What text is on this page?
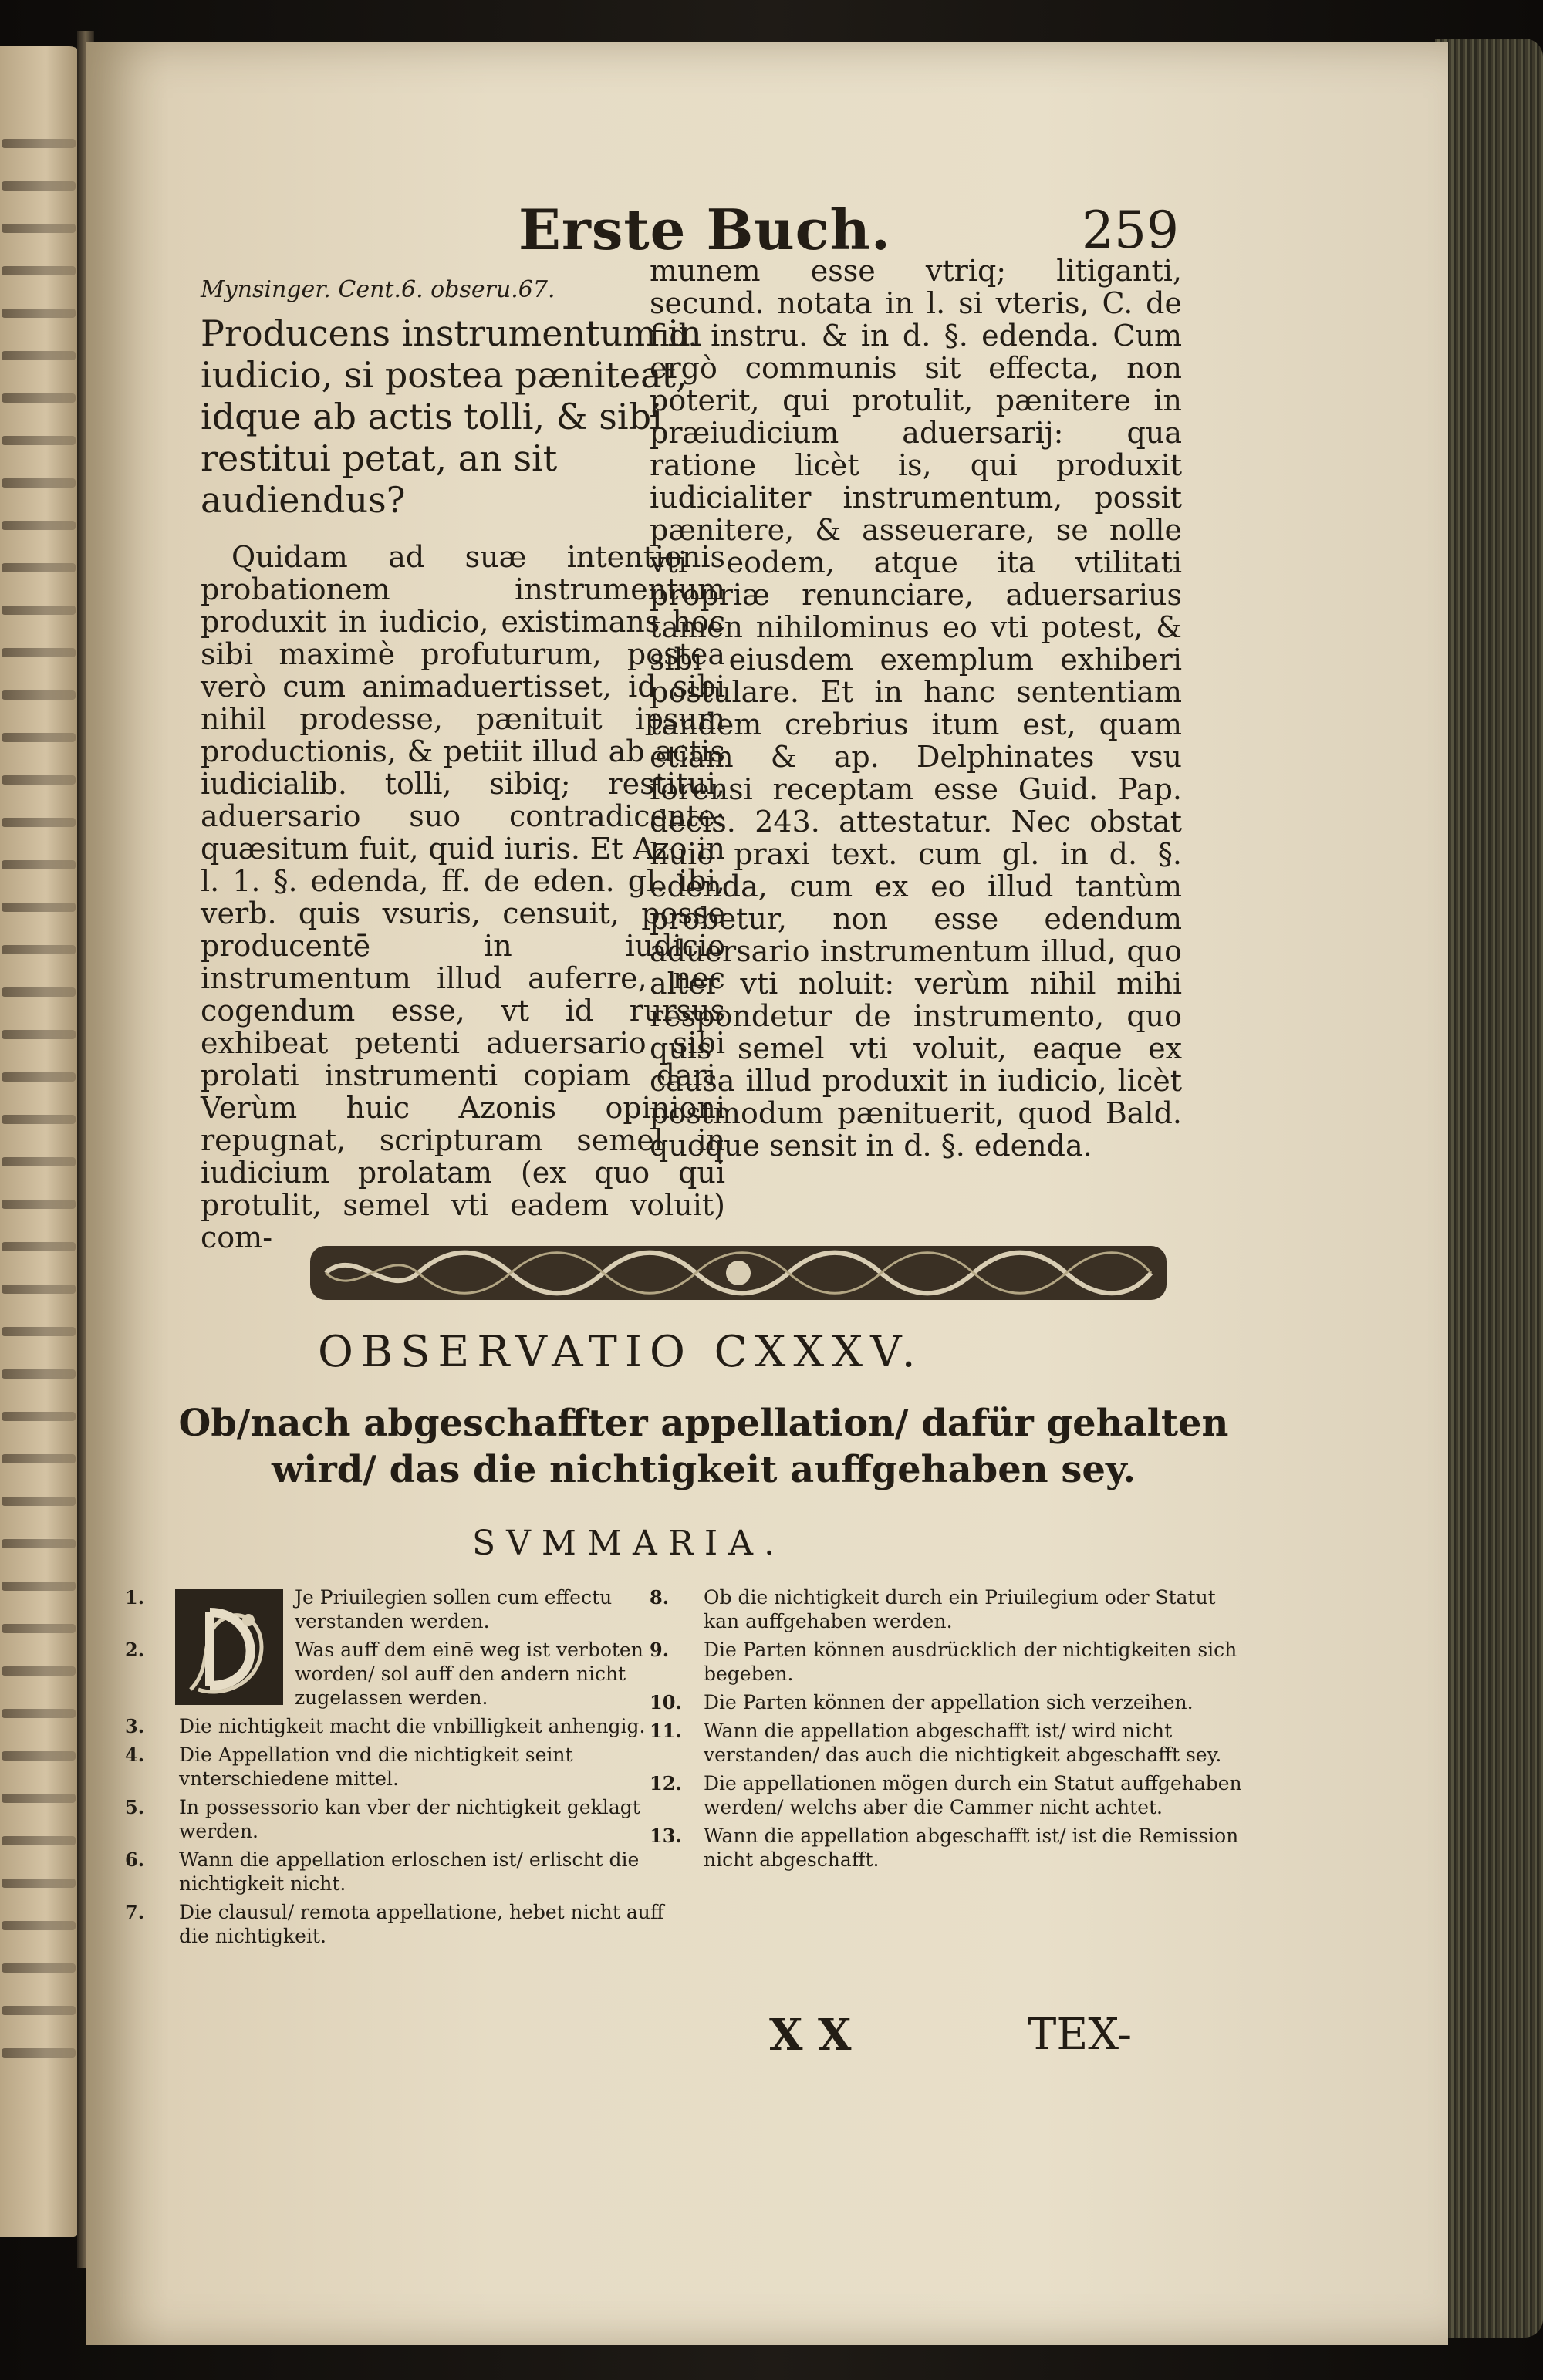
Erste Buch.	259

Mynsinger. Cent.6. obseru.67.

Producens instrumentum in iudicio, si postea pæniteat, idque ab actis tolli, & sibi restitui petat, an sit audiendus?

Quidam ad suæ intentionis probationem instrumentum produxit in iudicio, existimans hoc sibi maximè profuturum, postea verò cum animaduertisset, id sibi nihil prodesse, pænituit ipsum productionis, & petiit illud ab actis iudicialib. tolli, sibiq; restitui, aduersario suo contradicente: quæsitum fuit, quid iuris. Et Azo in l. 1. §. edenda, ff. de eden. gl. ibi, verb. quis vsuris, censuit, posse producentē in iudicio instrumentum illud auferre, nec cogendum esse, vt id rursus exhibeat petenti aduersario sibi prolati instrumenti copiam dari. Verùm huic Azonis opinioni repugnat, scripturam semel in iudicium prolatam (ex quo qui protulit, semel vti eadem voluit) com-

munem esse vtriq; litiganti, secund. notata in l. si vteris, C. de fid. instru. & in d. §. edenda. Cum ergò communis sit effecta, non poterit, qui protulit, pænitere in præiudicium aduersarij: qua ratione licèt is, qui produxit iudicialiter instrumentum, possit pænitere, & asseuerare, se nolle vti eodem, atque ita vtilitati propriæ renunciare, aduersarius tamen nihilominus eo vti potest, & sibi eiusdem exemplum exhiberi postulare. Et in hanc sententiam tandem crebrius itum est, quam etiam & ap. Delphinates vsu forensi receptam esse Guid. Pap. decis. 243. attestatur. Nec obstat huic praxi text. cum gl. in d. §. edenda, cum ex eo illud tantùm probetur, non esse edendum aduersario instrumentum illud, quo alter vti noluit: verùm nihil mihi respondetur de instrumento, quo quis semel vti voluit, eaque ex causa illud produxit in iudicio, licèt postmodum pænituerit, quod Bald. quoque sensit in d. §. edenda.

OBSERVATIO CXXXV.
Ob/nach abgeschaffter appellation/ dafür gehalten
wird/ das die nichtigkeit auffgehaben sey.
SVMMARIA.
1.	Je Priuilegien sollen cum effectu verstanden werden.
2.	Was auff dem einē weg ist verboten worden/ sol auff den andern nicht zugelassen werden.
3.	Die nichtigkeit macht die vnbilligkeit anhengig.
4.	Die Appellation vnd die nichtigkeit seint vnterschiedene mittel.
5.	In possessorio kan vber der nichtigkeit geklagt werden.
6.	Wann die appellation erloschen ist/ erlischt die nichtigkeit nicht.
7.	Die clausul/ remota appellatione, hebet nicht auff die nichtigkeit.
8.	Ob die nichtigkeit durch ein Priuilegium oder Statut kan auffgehaben werden.
9.	Die Parten können ausdrücklich der nichtigkeiten sich begeben.
10.	Die Parten können der appellation sich verzeihen.
11.	Wann die appellation abgeschafft ist/ wird nicht verstanden/ das auch die nichtigkeit abgeschafft sey.
12.	Die appellationen mögen durch ein Statut auffgehaben werden/ welchs aber die Cammer nicht achtet.
13.	Wann die appellation abgeschafft ist/ ist die Remission nicht abgeschafft.
X X	TEX-
